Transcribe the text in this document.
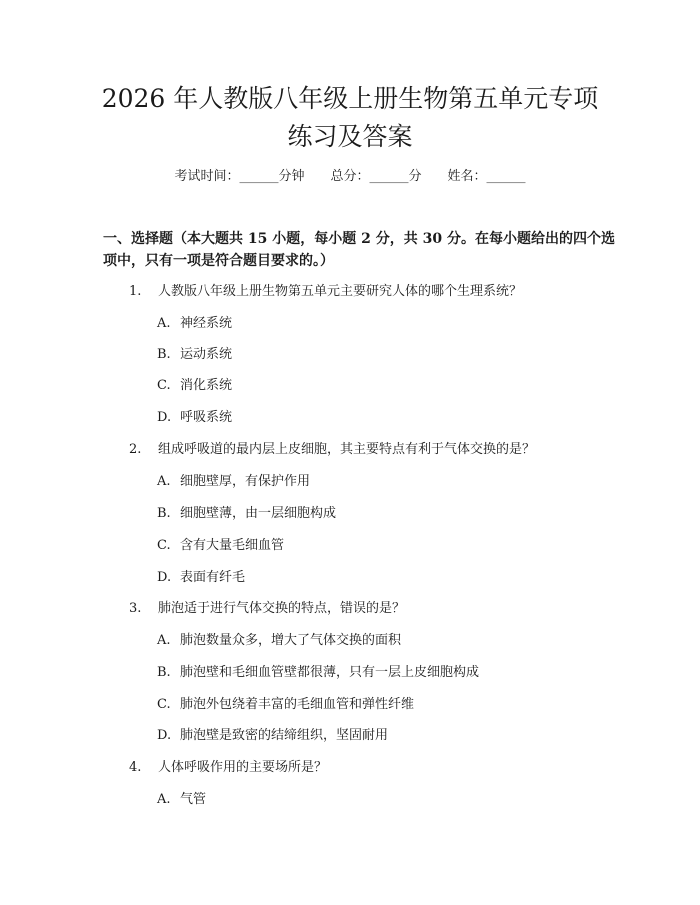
2026 年人教版八年级上册生物第五单元专项
练习及答案
考试时间：______分钟 总分：______分 姓名：______
一、选择题（本大题共 15 小题，每小题 2 分，共 30 分。在每小题给出的四个选
项中，只有一项是符合题目要求的。）
1. 人教版八年级上册生物第五单元主要研究人体的哪个生理系统？
A. 神经系统
B. 运动系统
C. 消化系统
D. 呼吸系统
2. 组成呼吸道的最内层上皮细胞，其主要特点有利于气体交换的是？
A. 细胞壁厚，有保护作用
B. 细胞壁薄，由一层细胞构成
C. 含有大量毛细血管
D. 表面有纤毛
3. 肺泡适于进行气体交换的特点，错误的是？
A. 肺泡数量众多，增大了气体交换的面积
B. 肺泡壁和毛细血管壁都很薄，只有一层上皮细胞构成
C. 肺泡外包绕着丰富的毛细血管和弹性纤维
D. 肺泡壁是致密的结缔组织，坚固耐用
4. 人体呼吸作用的主要场所是？
A. 气管
